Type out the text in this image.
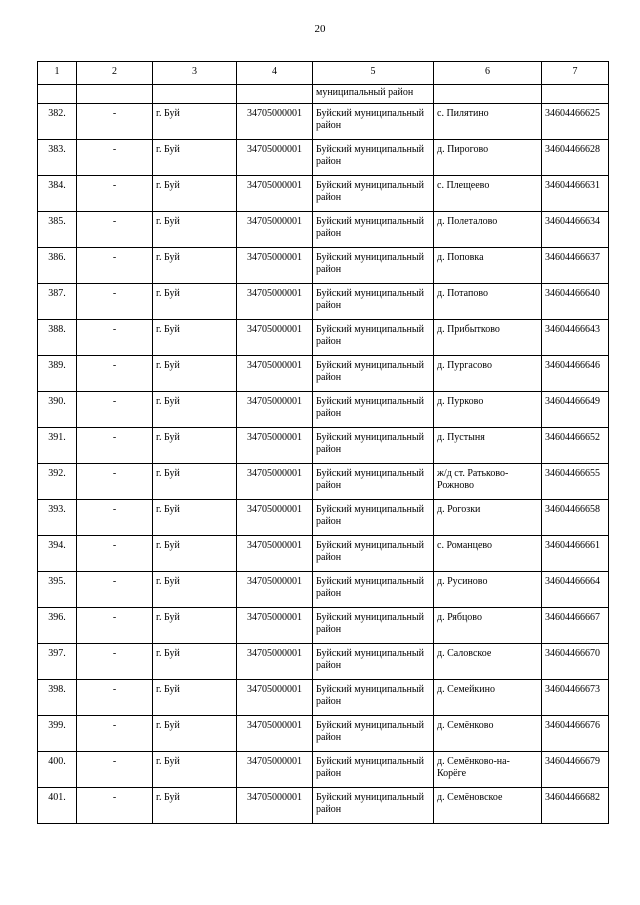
20
1	2	3	4	5	6	7
				муниципальный район		
382.	-	г. Буй	34705000001	Буйский муниципальный район	с. Пилятино	34604466625
383.	-	г. Буй	34705000001	Буйский муниципальный район	д. Пирогово	34604466628
384.	-	г. Буй	34705000001	Буйский муниципальный район	с. Плещеево	34604466631
385.	-	г. Буй	34705000001	Буйский муниципальный район	д. Полеталово	34604466634
386.	-	г. Буй	34705000001	Буйский муниципальный район	д. Поповка	34604466637
387.	-	г. Буй	34705000001	Буйский муниципальный район	д. Потапово	34604466640
388.	-	г. Буй	34705000001	Буйский муниципальный район	д. Прибытково	34604466643
389.	-	г. Буй	34705000001	Буйский муниципальный район	д. Пургасово	34604466646
390.	-	г. Буй	34705000001	Буйский муниципальный район	д. Пурково	34604466649
391.	-	г. Буй	34705000001	Буйский муниципальный район	д. Пустыня	34604466652
392.	-	г. Буй	34705000001	Буйский муниципальный район	ж/д ст. Ратьково-Рожново	34604466655
393.	-	г. Буй	34705000001	Буйский муниципальный район	д. Рогозки	34604466658
394.	-	г. Буй	34705000001	Буйский муниципальный район	с. Романцево	34604466661
395.	-	г. Буй	34705000001	Буйский муниципальный район	д. Русиново	34604466664
396.	-	г. Буй	34705000001	Буйский муниципальный район	д. Рябцово	34604466667
397.	-	г. Буй	34705000001	Буйский муниципальный район	д. Саловское	34604466670
398.	-	г. Буй	34705000001	Буйский муниципальный район	д. Семейкино	34604466673
399.	-	г. Буй	34705000001	Буйский муниципальный район	д. Семёнково	34604466676
400.	-	г. Буй	34705000001	Буйский муниципальный район	д. Семёнково-на-Корёге	34604466679
401.	-	г. Буй	34705000001	Буйский муниципальный район	д. Семёновское	34604466682
